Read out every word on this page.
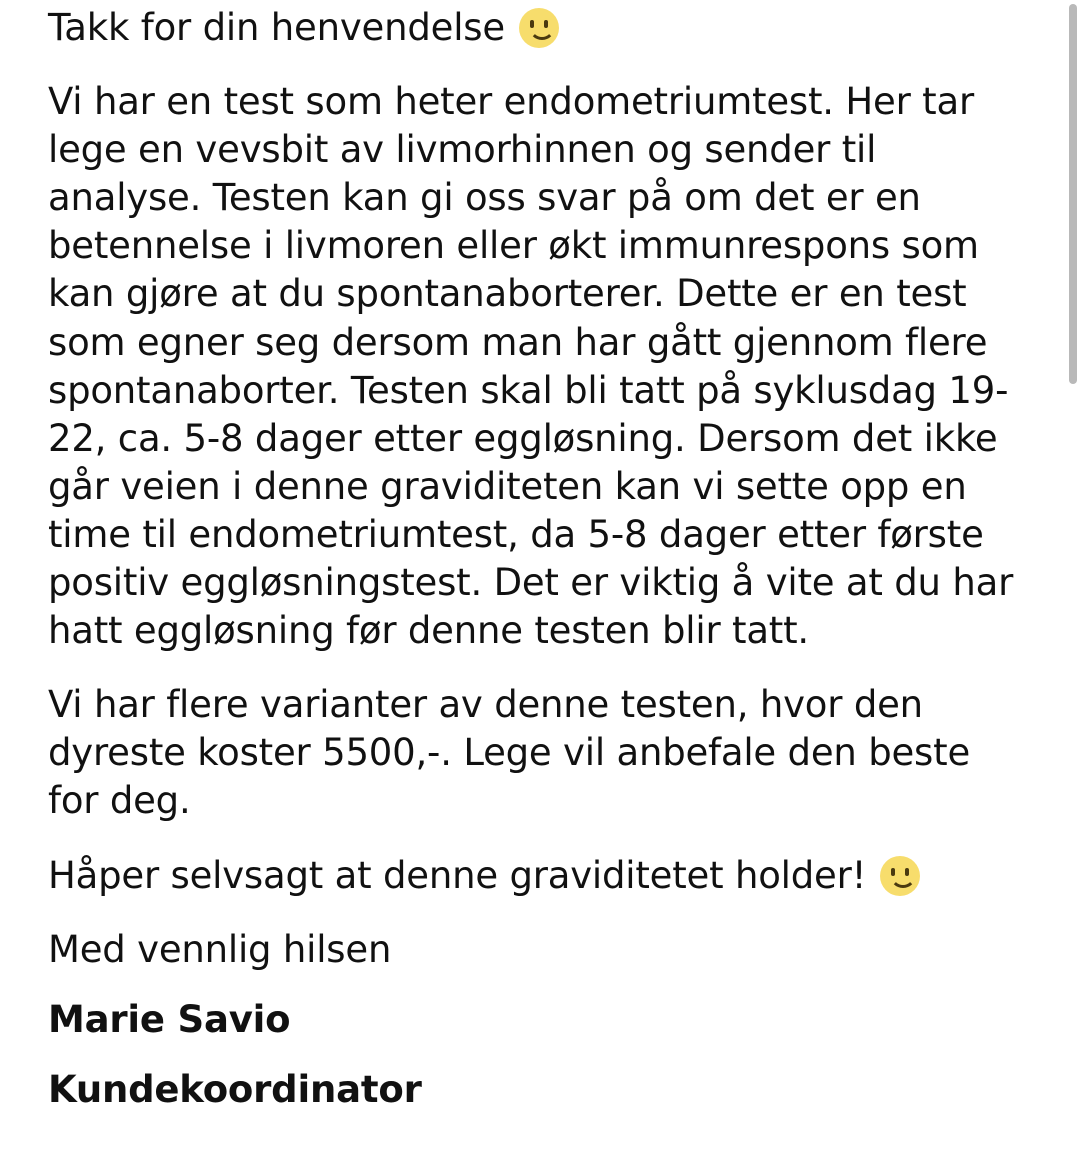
Takk for din henvendelse

Vi har en test som heter endometriumtest. Her tar lege en vevsbit av livmorhinnen og sender til analyse. Testen kan gi oss svar på om det er en betennelse i livmoren eller økt immunrespons som kan gjøre at du spontanaborterer. Dette er en test som egner seg dersom man har gått gjennom flere spontanaborter. Testen skal bli tatt på syklusdag 19-22, ca. 5-8 dager etter eggløsning. Dersom det ikke går veien i denne graviditeten kan vi sette opp en time til endometriumtest, da 5-8 dager etter første positiv eggløsningstest. Det er viktig å vite at du har hatt eggløsning før denne testen blir tatt.

Vi har flere varianter av denne testen, hvor den dyreste koster 5500,-. Lege vil anbefale den beste for deg.

Håper selvsagt at denne graviditetet holder!

Med vennlig hilsen

Marie Savio

Kundekoordinator
